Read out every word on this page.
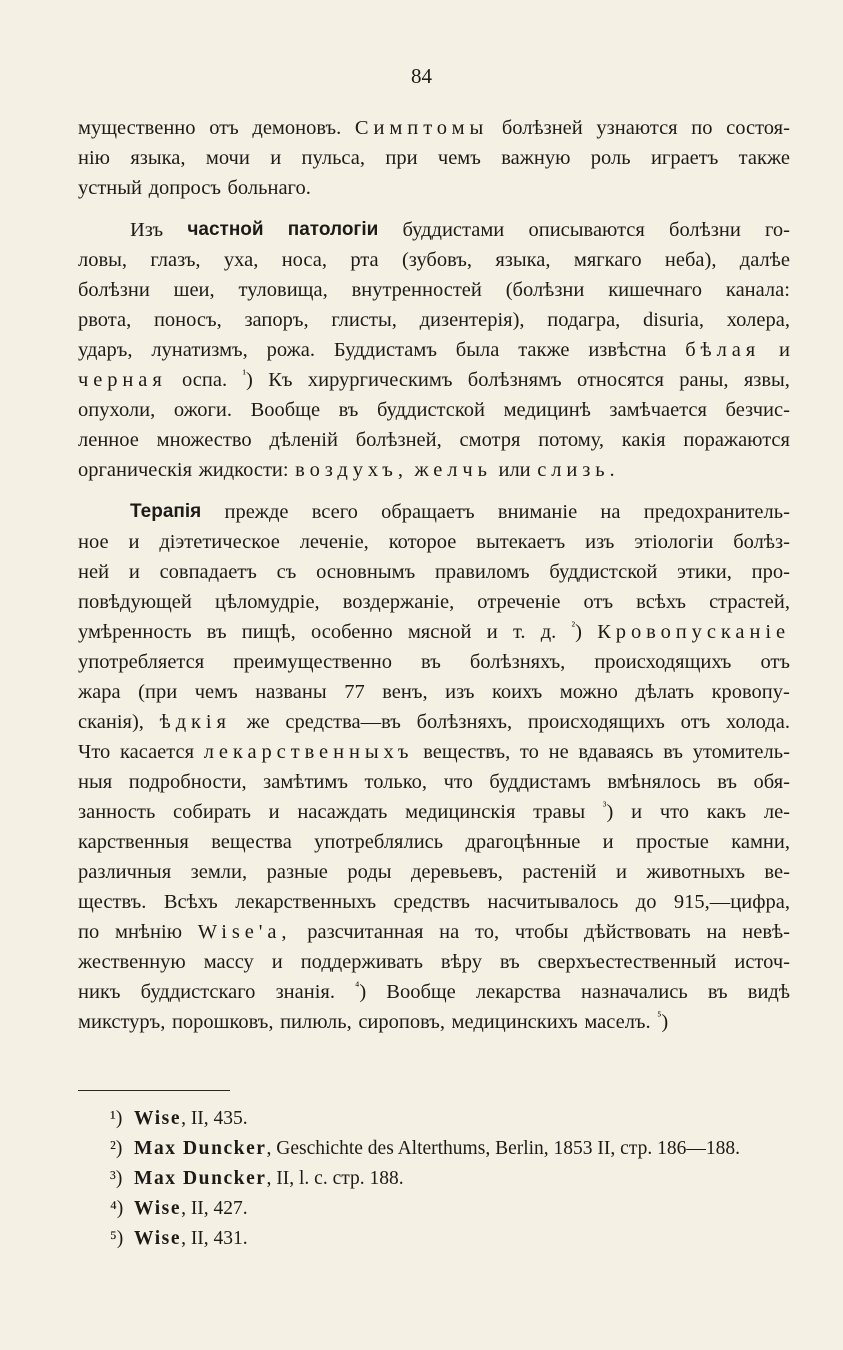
84
мущественно отъ демоновъ. Симптомы болѣзней узнаются по состоя-
нію языка, мочи и пульса, при чемъ важную роль играетъ также
устный допросъ больнаго.
Изъ частной патологіи буддистами описываются болѣзни го-
ловы, глазъ, уха, носа, рта (зубовъ, языка, мягкаго неба), далѣе
болѣзни шеи, туловища, внутренностей (болѣзни кишечнаго канала:
рвота, поносъ, запоръ, глисты, дизентерія), подагра, disuria, холера,
ударъ, лунатизмъ, рожа. Буддистамъ была также извѣстна бѣлая и
черная оспа. $^{^1}$) Къ хирургическимъ болѣзнямъ относятся раны, язвы,
опухоли, ожоги. Вообще въ буддистской медицинѣ замѣчается безчис-
ленное множество дѣленій болѣзней, смотря потому, какія поражаются
органическія жидкости: воздухъ, желчь или слизь.
Терапія прежде всего обращаетъ вниманіе на предохранитель-
ное и діэтетическое леченіе, которое вытекаетъ изъ этіологіи болѣз-
ней и совпадаетъ съ основнымъ правиломъ буддистской этики, про-
повѣдующей цѣломудріе, воздержаніе, отреченіе отъ всѣхъ страстей,
умѣренность въ пищѣ, особенно мясной и т. д. $^{^2}$) Кровопусканіе
употребляется преимущественно въ болѣзняхъ, происходящихъ отъ
жара (при чемъ названы 77 венъ, изъ коихъ можно дѣлать кровопу-
сканія), ѣдкія же средства—въ болѣзняхъ, происходящихъ отъ холода.
Что касается лекарственныхъ веществъ, то не вдаваясь въ утомитель-
ныя подробности, замѣтимъ только, что буддистамъ вмѣнялось въ обя-
занность собирать и насаждать медицинскія травы $^{^3}$) и что какъ ле-
карственныя вещества употреблялись драгоцѣнные и простые камни,
различныя земли, разные роды деревьевъ, растеній и животныхъ ве-
ществъ. Всѣхъ лекарственныхъ средствъ насчитывалось до 915,—цифра,
по мнѣнію Wise'а, разсчитанная на то, чтобы дѣйствовать на невѣ-
жественную массу и поддерживать вѣру въ сверхъестественный источ-
никъ буддистскаго знанія. $^{^4}$) Вообще лекарства назначались въ видѣ
микстуръ, порошковъ, пилюль, сироповъ, медицинскихъ маселъ. $^{^5}$)
¹) Wise, II, 435.
²) Max Duncker, Geschichte des Alterthums, Berlin, 1853 II, стр. 186—188.
³) Max Duncker, II, l. c. стр. 188.
⁴) Wise, II, 427.
⁵) Wise, II, 431.
